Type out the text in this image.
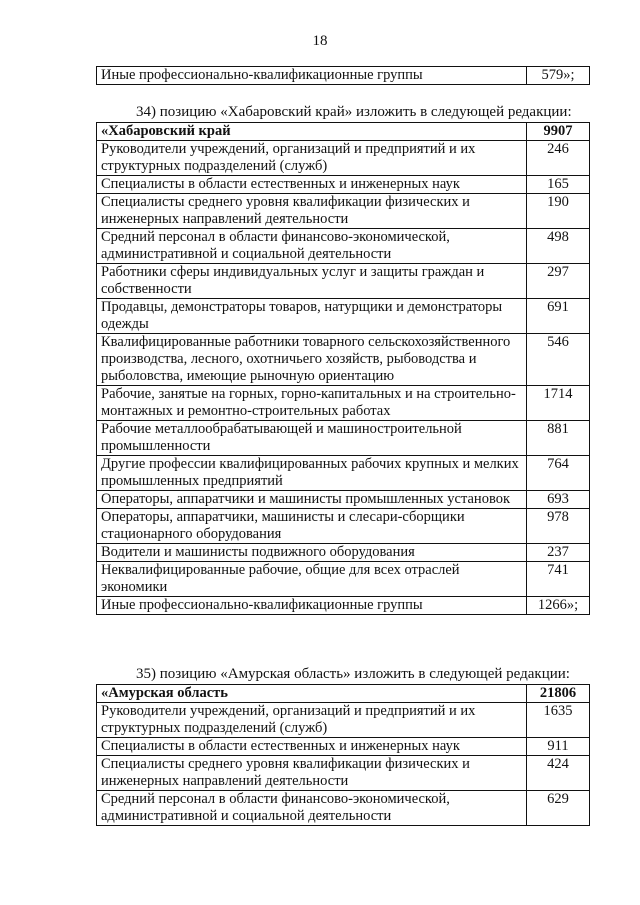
18
Иные профессионально-квалификационные группы	579»;
34) позицию «Хабаровский край» изложить в следующей редакции:
«Хабаровский край	9907
Руководители учреждений, организаций и предприятий и их структурных подразделений (служб)	246
Специалисты в области естественных и инженерных наук	165
Специалисты среднего уровня квалификации физических и инженерных направлений деятельности	190
Средний персонал в области финансово-экономической, административной и социальной деятельности	498
Работники сферы индивидуальных услуг и защиты граждан и собственности	297
Продавцы, демонстраторы товаров, натурщики и демонстраторы одежды	691
Квалифицированные работники товарного сельскохозяйственного производства, лесного, охотничьего хозяйств, рыбоводства и рыболовства, имеющие рыночную ориентацию	546
Рабочие, занятые на горных, горно-капитальных и на строительно-монтажных и ремонтно-строительных работах	1714
Рабочие металлообрабатывающей и машиностроительной промышленности	881
Другие профессии квалифицированных рабочих крупных и мелких промышленных предприятий	764
Операторы, аппаратчики и машинисты промышленных установок	693
Операторы, аппаратчики, машинисты и слесари-сборщики стационарного оборудования	978
Водители и машинисты подвижного оборудования	237
Неквалифицированные рабочие, общие для всех отраслей экономики	741
Иные профессионально-квалификационные группы	1266»;
35) позицию «Амурская область» изложить в следующей редакции:
«Амурская область	21806
Руководители учреждений, организаций и предприятий и их структурных подразделений (служб)	1635
Специалисты в области естественных и инженерных наук	911
Специалисты среднего уровня квалификации физических и инженерных направлений деятельности	424
Средний персонал в области финансово-экономической, административной и социальной деятельности	629
